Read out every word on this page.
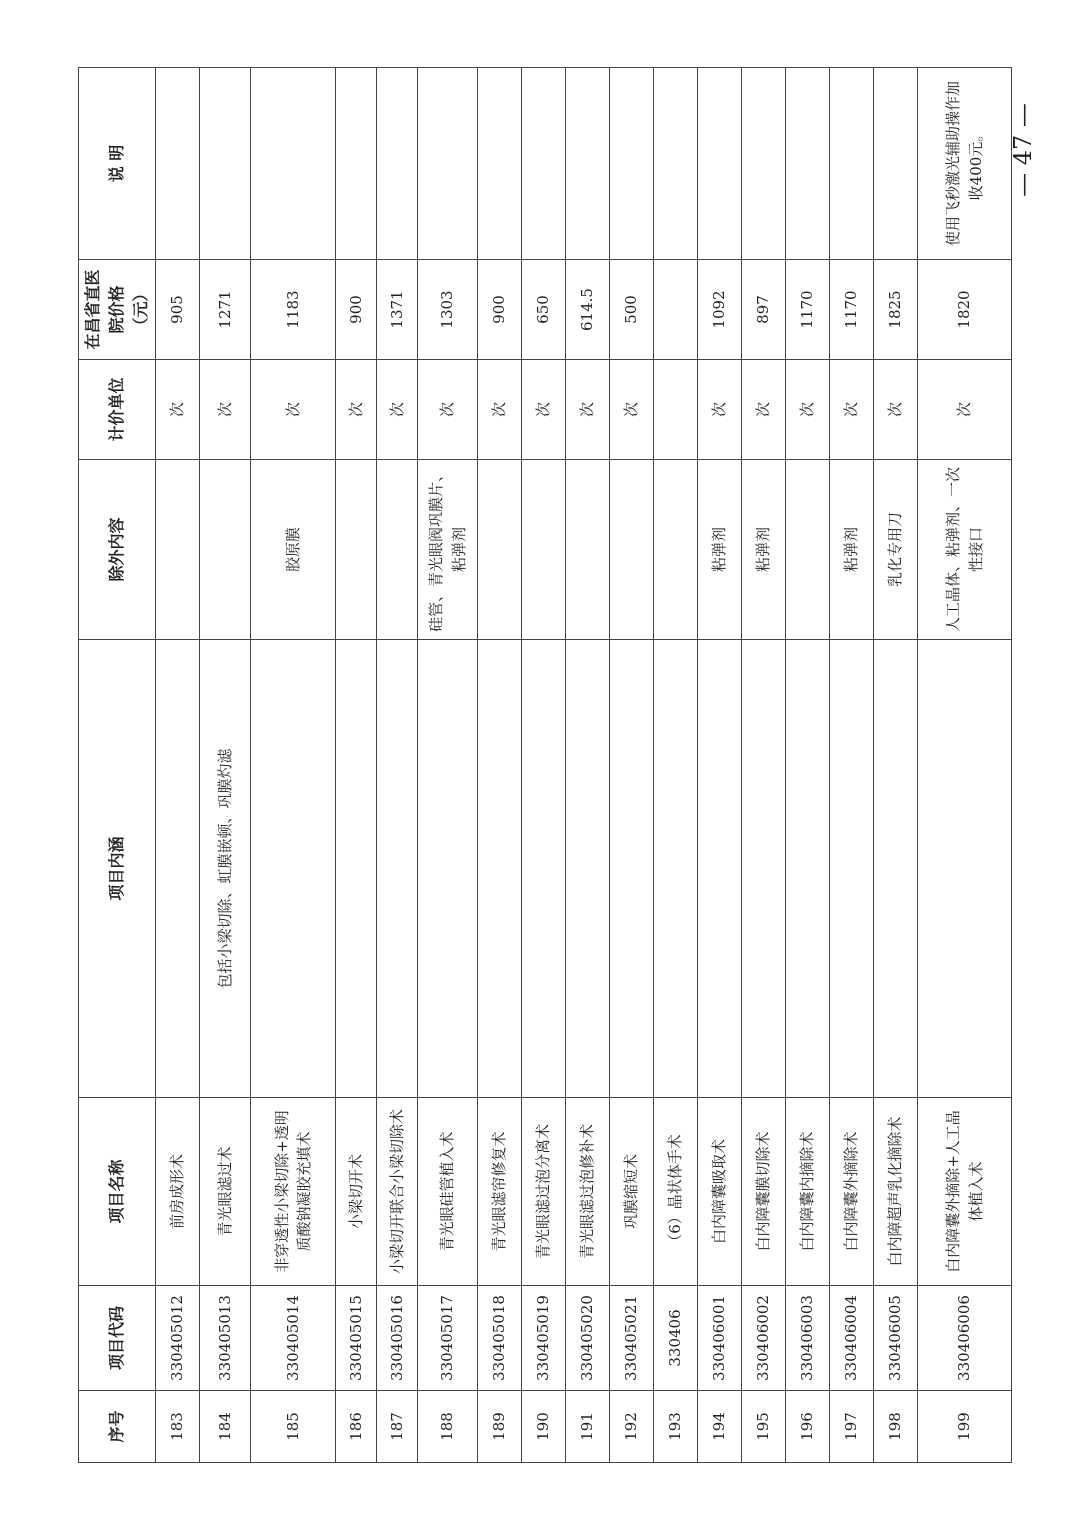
序号	项目代码	项目名称	项目内涵	除外内容	计价单位	在昌省直医院价格（元）	说 明
183	330405012	前房成形术			次	905	
184	330405013	青光眼滤过术	包括小梁切除、虹膜嵌顿、巩膜灼滤		次	1271	
185	330405014	非穿透性小梁切除+透明质酸钠凝胶充填术		胶原膜	次	1183	
186	330405015	小梁切开术			次	900	
187	330405016	小梁切开联合小梁切除术			次	1371	
188	330405017	青光眼硅管植入术		硅管、青光眼阀巩膜片、粘弹剂	次	1303	
189	330405018	青光眼滤帘修复术			次	900	
190	330405019	青光眼滤过泡分离术			次	650	
191	330405020	青光眼滤过泡修补术			次	614.5	
192	330405021	巩膜缩短术			次	500	
193	330406	（6）晶状体手术					
194	330406001	白内障囊吸取术		粘弹剂	次	1092	
195	330406002	白内障囊膜切除术		粘弹剂	次	897	
196	330406003	白内障囊内摘除术			次	1170	
197	330406004	白内障囊外摘除术		粘弹剂	次	1170	
198	330406005	白内障超声乳化摘除术		乳化专用刀	次	1825	
199	330406006	白内障囊外摘除+人工晶体植入术		人工晶体、粘弹剂、一次性接口	次	1820	使用飞秒激光辅助操作加收400元。 — 47 —
